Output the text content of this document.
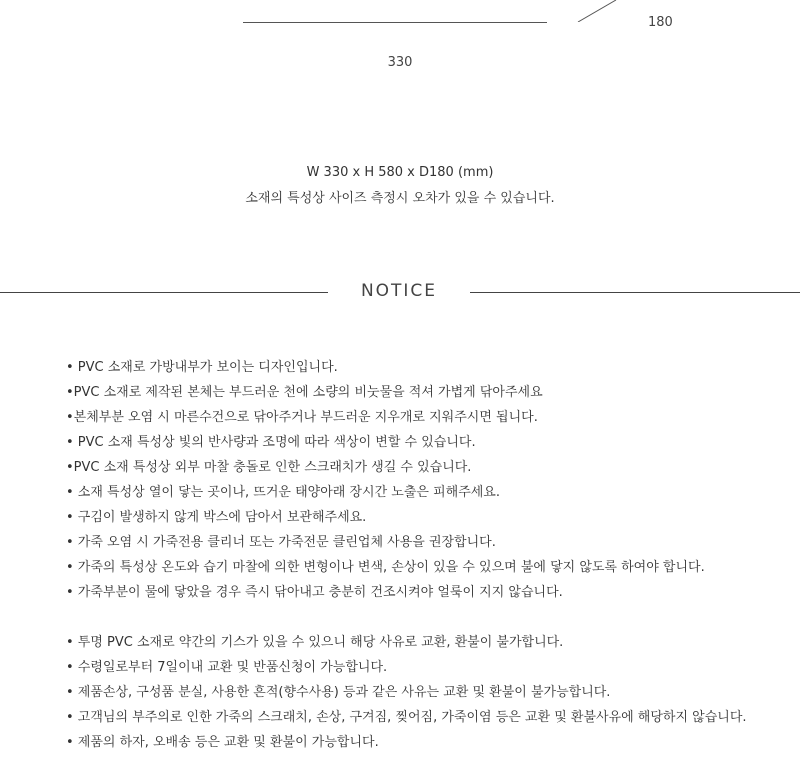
180
330
W 330 x H 580 x D180 (mm)
소재의 특성상 사이즈 측정시 오차가 있을 수 있습니다.
NOTICE
• PVC 소재로 가방내부가 보이는 디자인입니다.
•PVC 소재로 제작된 본체는 부드러운 천에 소량의 비눗물을 적셔 가볍게 닦아주세요
•본체부분 오염 시 마른수건으로 닦아주거나 부드러운 지우개로 지워주시면 됩니다.
• PVC 소재 특성상 빛의 반사량과 조명에 따라 색상이 변할 수 있습니다.
•PVC 소재 특성상 외부 마찰 충돌로 인한 스크래치가 생길 수 있습니다.
• 소재 특성상 열이 닿는 곳이나, 뜨거운 태양아래 장시간 노출은 피해주세요.
• 구김이 발생하지 않게 박스에 담아서 보관해주세요.
• 가죽 오염 시 가죽전용 클리너 또는 가죽전문 클린업체 사용을 권장합니다.
• 가죽의 특성상 온도와 습기 마찰에 의한 변형이나 변색, 손상이 있을 수 있으며 불에 닿지 않도록 하여야 합니다.
• 가죽부분이 물에 닿았을 경우 즉시 닦아내고 충분히 건조시켜야 얼룩이 지지 않습니다.
• 투명 PVC 소재로 약간의 기스가 있을 수 있으니 해당 사유로 교환, 환불이 불가합니다.
• 수령일로부터 7일이내 교환 및 반품신청이 가능합니다.
• 제품손상, 구성품 분실, 사용한 흔적(향수사용) 등과 같은 사유는 교환 및 환불이 불가능합니다.
• 고객님의 부주의로 인한 가죽의 스크래치, 손상, 구겨짐, 찢어짐, 가죽이염 등은 교환 및 환불사유에 해당하지 않습니다.
• 제품의 하자, 오배송 등은 교환 및 환불이 가능합니다.
